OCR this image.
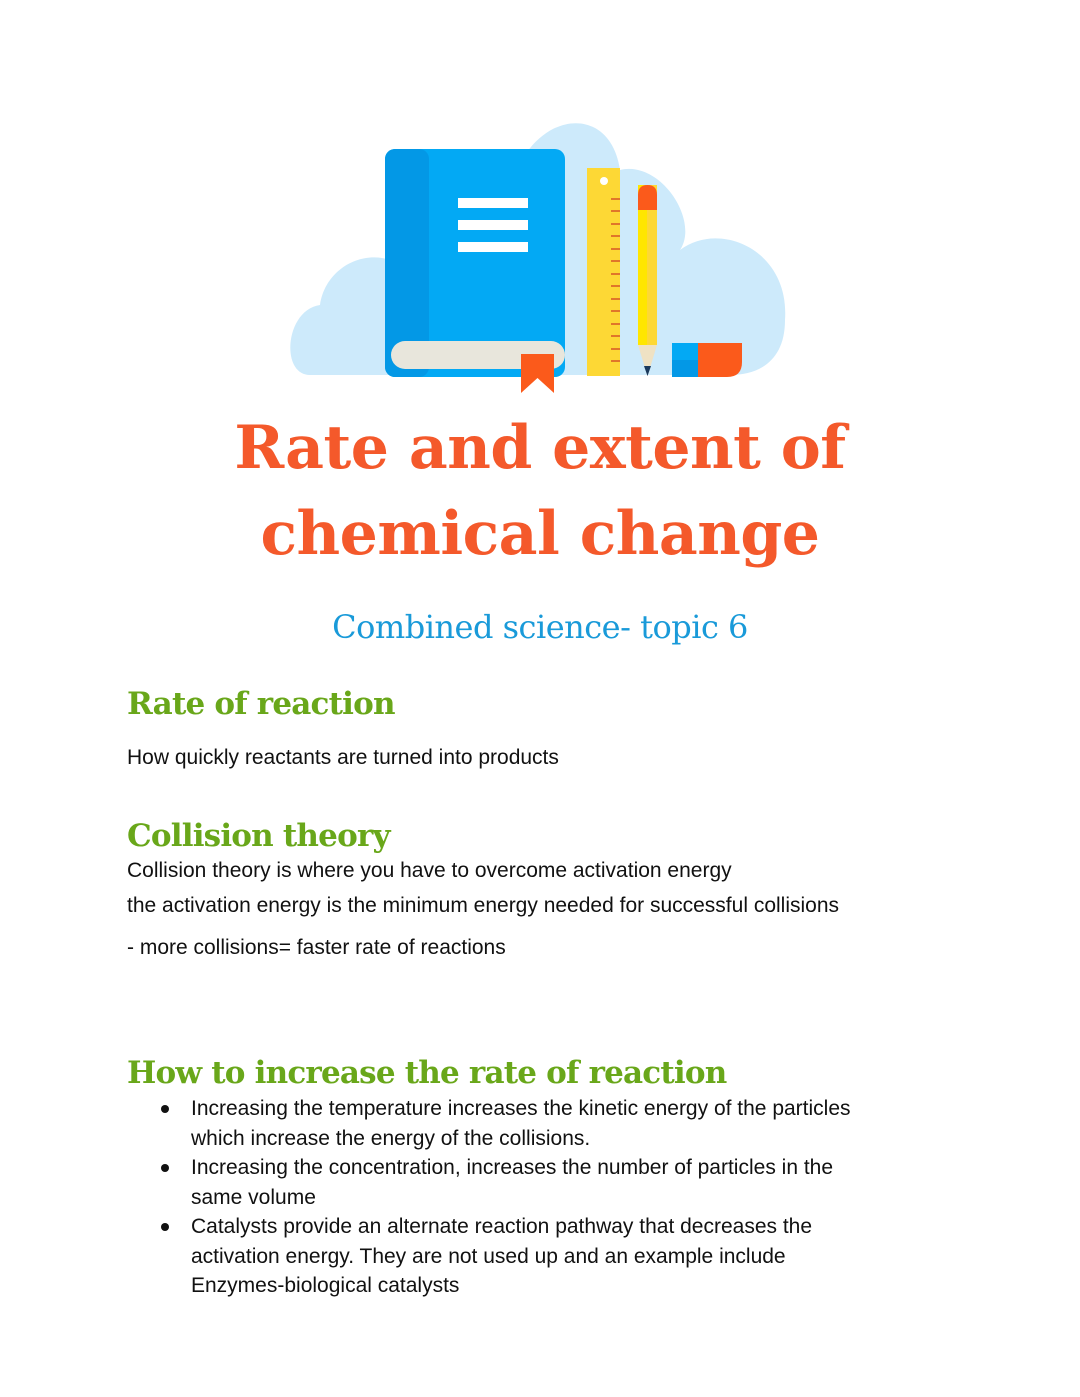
Rate and extent of
chemical change
Combined science- topic 6
Rate of reaction
How quickly reactants are turned into products
Collision theory
Collision theory is where you have to overcome activation energy
the activation energy is the minimum energy needed for successful collisions
- more collisions= faster rate of reactions
How to increase the rate of reaction
Increasing the temperature increases the kinetic energy of the particles
which increase the energy of the collisions.
Increasing the concentration, increases the number of particles in the
same volume
Catalysts provide an alternate reaction pathway that decreases the
activation energy. They are not used up and an example include
Enzymes-biological catalysts
